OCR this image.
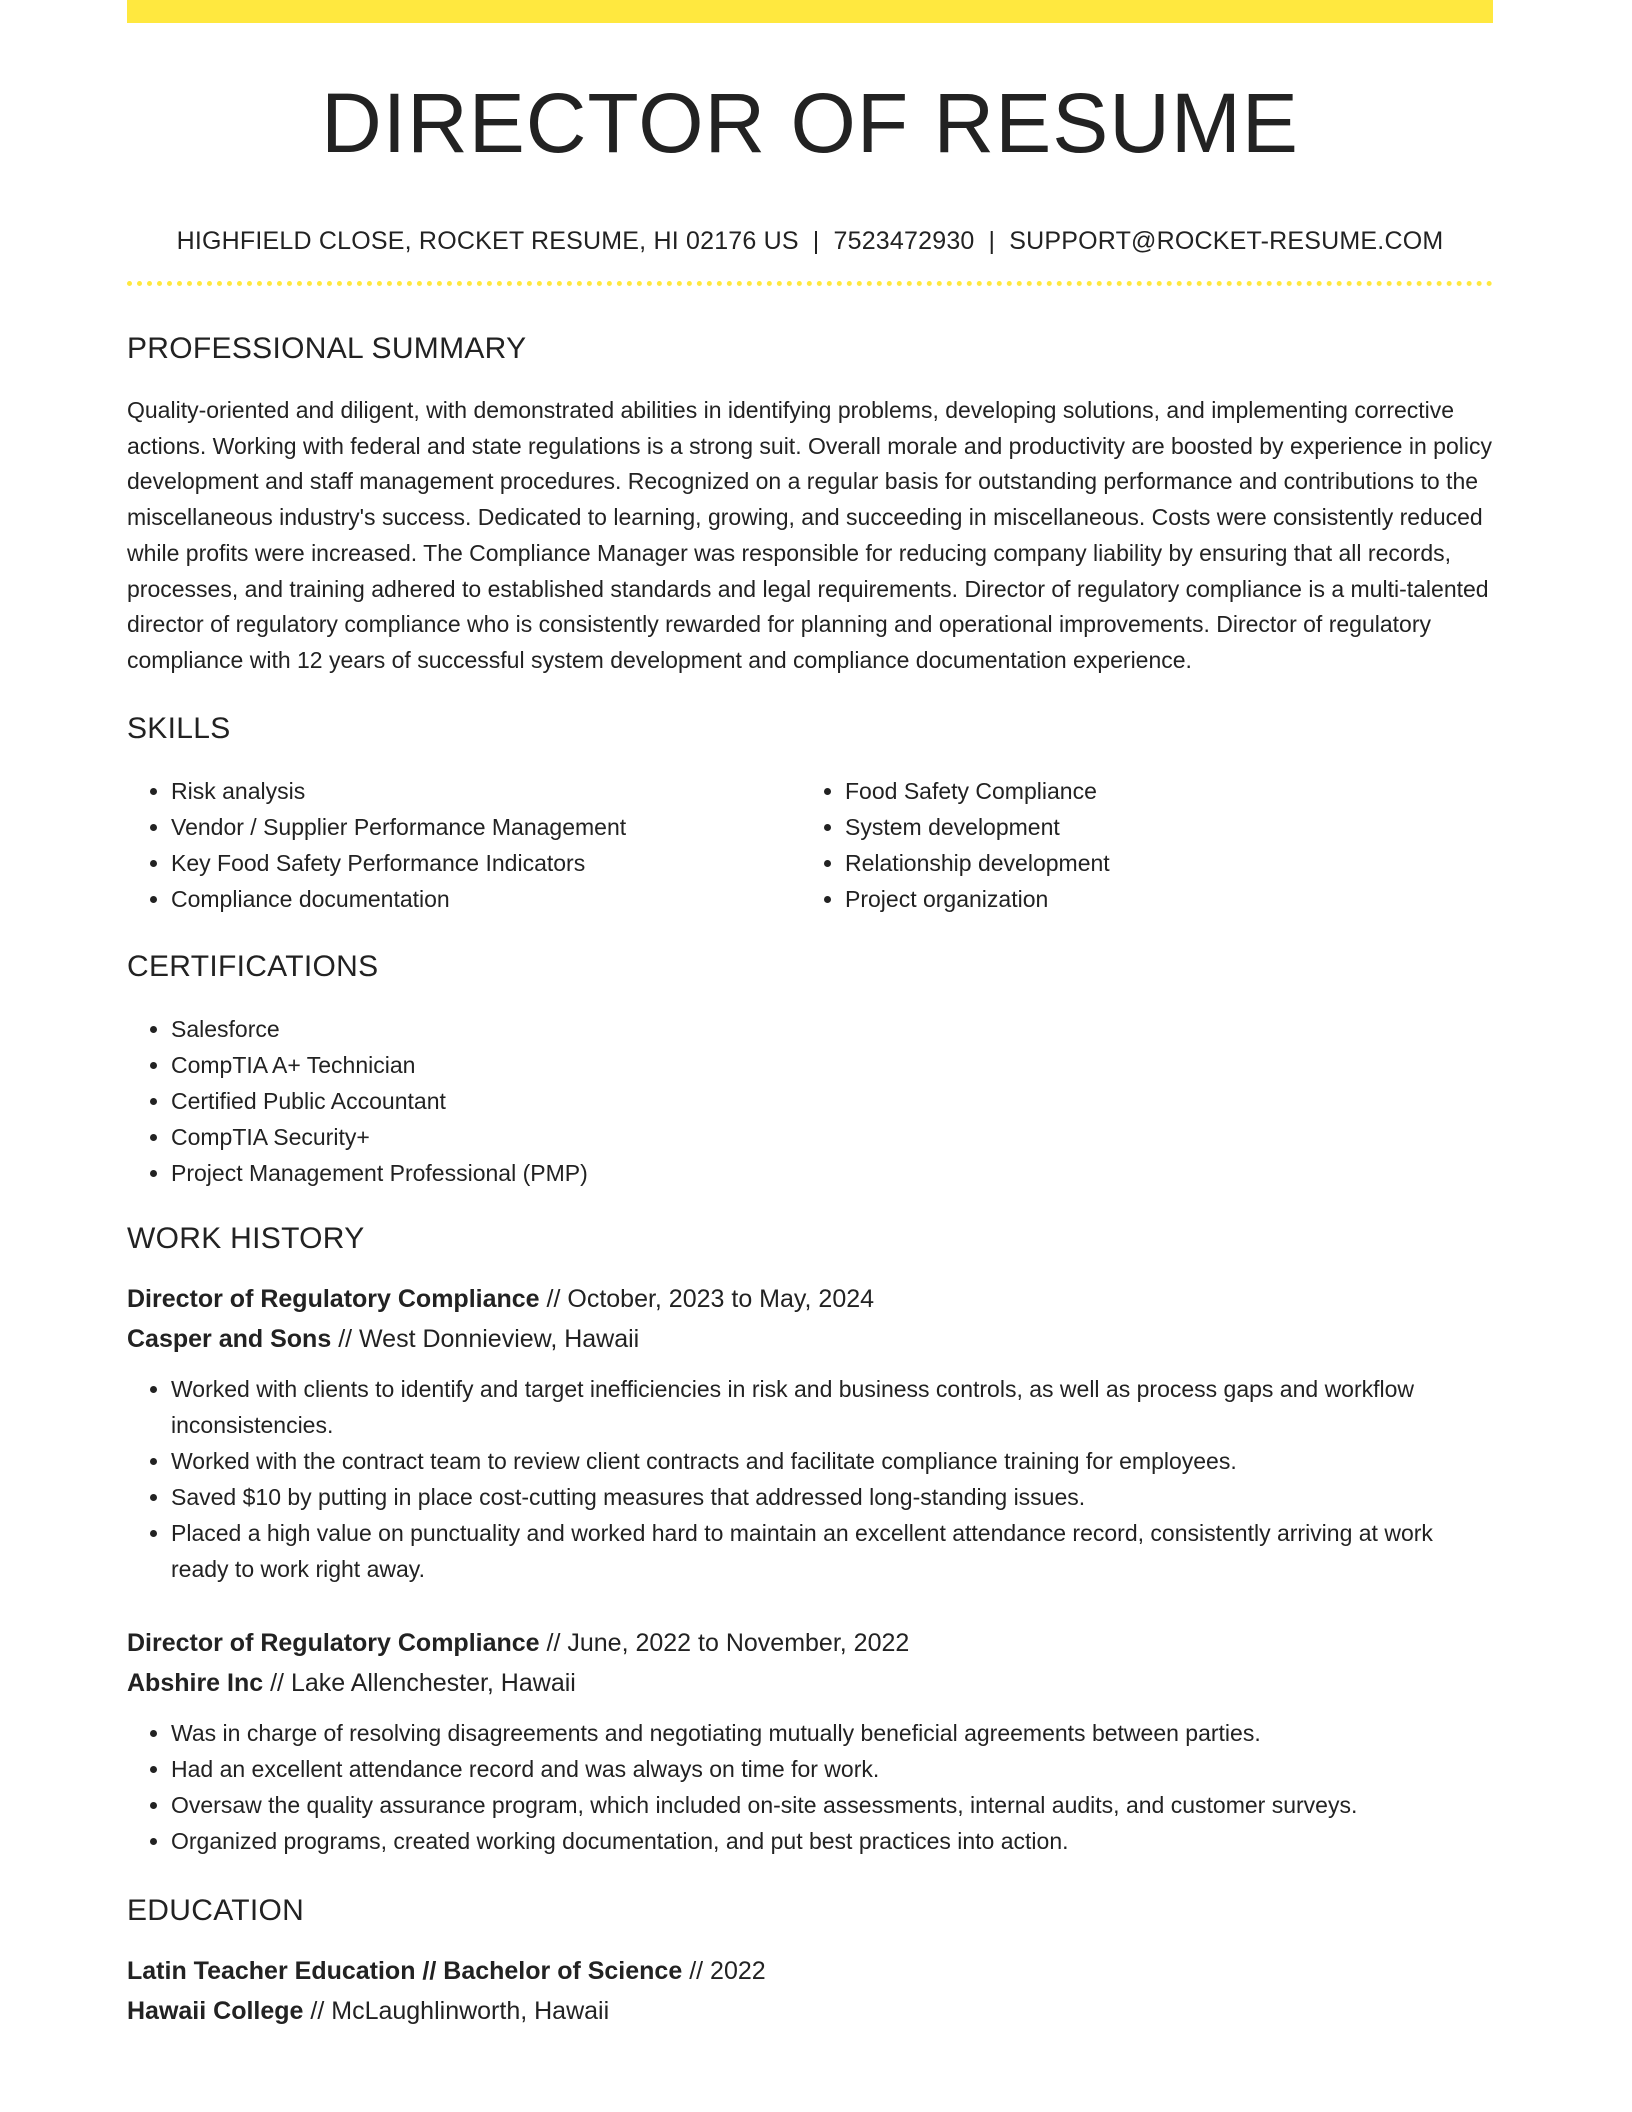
DIRECTOR OF RESUME
HIGHFIELD CLOSE, ROCKET RESUME, HI 02176 US | 7523472930 | SUPPORT@ROCKET-RESUME.COM
PROFESSIONAL SUMMARY
Quality-oriented and diligent, with demonstrated abilities in identifying problems, developing solutions, and implementing corrective actions. Working with federal and state regulations is a strong suit. Overall morale and productivity are boosted by experience in policy development and staff management procedures. Recognized on a regular basis for outstanding performance and contributions to the miscellaneous industry's success. Dedicated to learning, growing, and succeeding in miscellaneous. Costs were consistently reduced while profits were increased. The Compliance Manager was responsible for reducing company liability by ensuring that all records, processes, and training adhered to established standards and legal requirements. Director of regulatory compliance is a multi-talented director of regulatory compliance who is consistently rewarded for planning and operational improvements. Director of regulatory compliance with 12 years of successful system development and compliance documentation experience.
SKILLS
• Risk analysis
• Vendor / Supplier Performance Management
• Key Food Safety Performance Indicators
• Compliance documentation
• Food Safety Compliance
• System development
• Relationship development
• Project organization
CERTIFICATIONS
• Salesforce
• CompTIA A+ Technician
• Certified Public Accountant
• CompTIA Security+
• Project Management Professional (PMP)
WORK HISTORY
Director of Regulatory Compliance // October, 2023 to May, 2024
Casper and Sons // West Donnieview, Hawaii
• Worked with clients to identify and target inefficiencies in risk and business controls, as well as process gaps and workflow inconsistencies.
• Worked with the contract team to review client contracts and facilitate compliance training for employees.
• Saved $10 by putting in place cost-cutting measures that addressed long-standing issues.
• Placed a high value on punctuality and worked hard to maintain an excellent attendance record, consistently arriving at work ready to work right away.
Director of Regulatory Compliance // June, 2022 to November, 2022
Abshire Inc // Lake Allenchester, Hawaii
• Was in charge of resolving disagreements and negotiating mutually beneficial agreements between parties.
• Had an excellent attendance record and was always on time for work.
• Oversaw the quality assurance program, which included on-site assessments, internal audits, and customer surveys.
• Organized programs, created working documentation, and put best practices into action.
EDUCATION
Latin Teacher Education // Bachelor of Science // 2022
Hawaii College // McLaughlinworth, Hawaii
